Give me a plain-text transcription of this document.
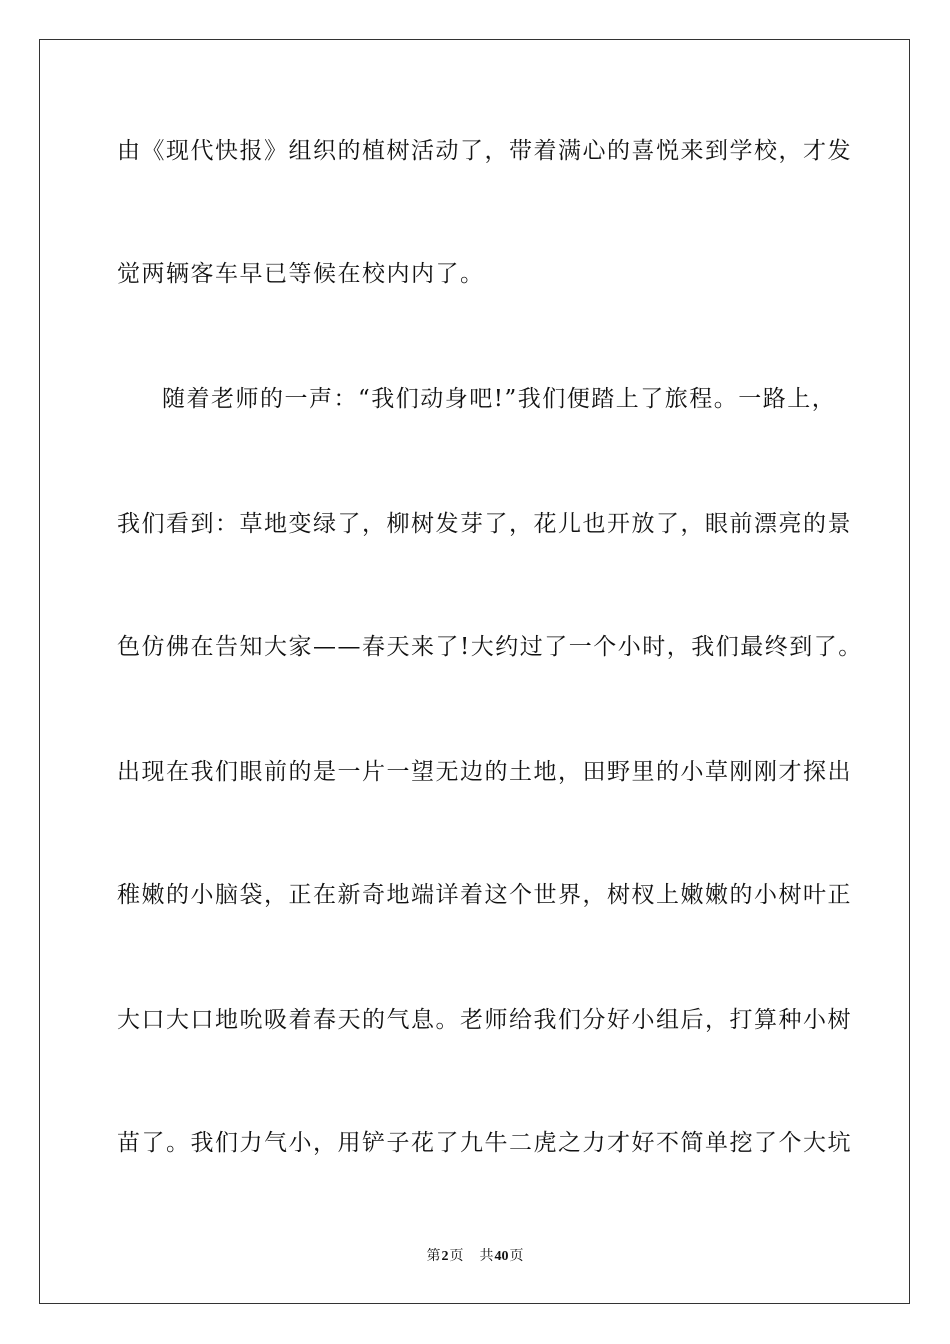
由《现代快报》组织的植树活动了，带着满心的喜悦来到学校，才发
觉两辆客车早已等候在校内内了。
随着老师的一声：“我们动身吧!”我们便踏上了旅程。一路上，
我们看到：草地变绿了，柳树发芽了，花儿也开放了，眼前漂亮的景
色仿佛在告知大家——春天来了!大约过了一个小时，我们最终到了。
出现在我们眼前的是一片一望无边的土地，田野里的小草刚刚才探出
稚嫩的小脑袋，正在新奇地端详着这个世界，树杈上嫩嫩的小树叶正
大口大口地吮吸着春天的气息。老师给我们分好小组后，打算种小树
苗了。我们力气小，用铲子花了九牛二虎之力才好不简单挖了个大坑
第2页 共40页
